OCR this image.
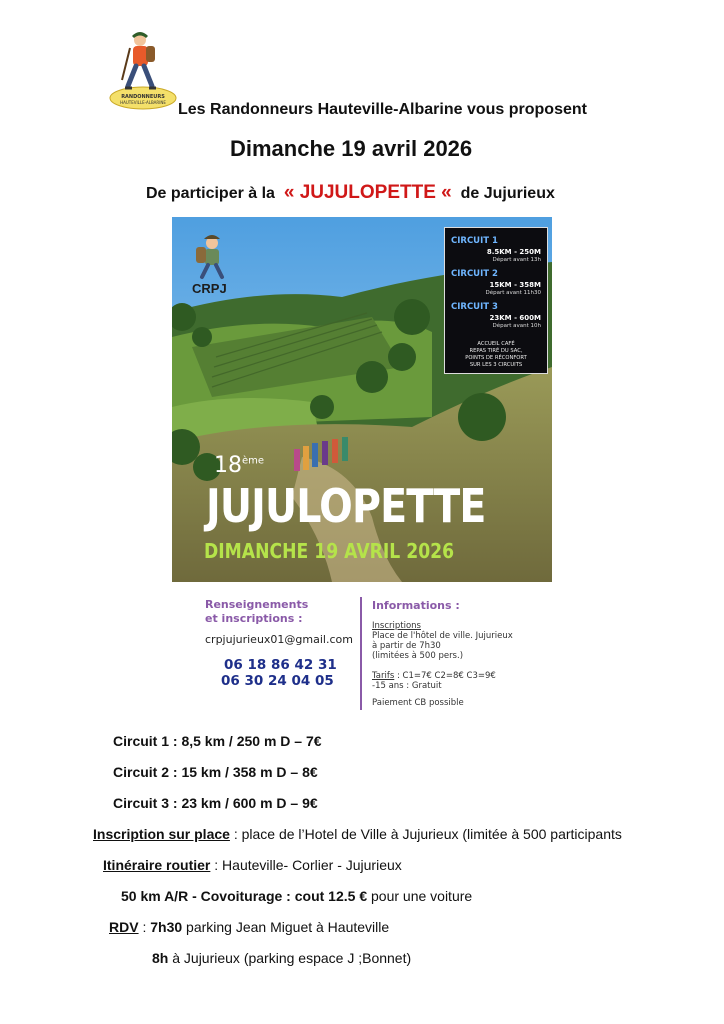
RANDONNEURS
HAUTEVILLE-ALBARINE Les Randonneurs Hauteville-Albarine vous proposent
Dimanche 19 avril 2026
De participer à la « JUJULOPETTE « de Jujurieux
CRPJ
CIRCUIT 1
8.5KM - 250M
Départ avant 13h
CIRCUIT 2
15KM - 358M
Départ avant 11h30
CIRCUIT 3
23KM - 600M
Départ avant 10h
ACCUEIL CAFÉ
REPAS TIRÉ DU SAC,
POINTS DE RÉCONFORT
SUR LES 3 CIRCUITS
18ème
JUJULOPETTE
DIMANCHE 19 AVRIL 2026
Renseignements
et inscriptions :
crpjujurieux01@gmail.com
06 18 86 42 31
06 30 24 04 05
Informations :
Inscriptions
Place de l'hôtel de ville. Jujurieux
à partir de 7h30
(limitées à 500 pers.)
Tarifs : C1=7€ C2=8€ C3=9€
-15 ans : Gratuit
Paiement CB possible
Circuit 1 : 8,5 km / 250 m D – 7€
Circuit 2 : 15 km / 358 m D – 8€
Circuit 3 : 23 km / 600 m D – 9€
Inscription sur place : place de l’Hotel de Ville à Jujurieux (limitée à 500 participants
Itinéraire routier : Hauteville- Corlier - Jujurieux
50 km A/R - Covoiturage : cout 12.5 € pour une voiture
RDV : 7h30 parking Jean Miguet à Hauteville
8h à Jujurieux (parking espace J ;Bonnet)
